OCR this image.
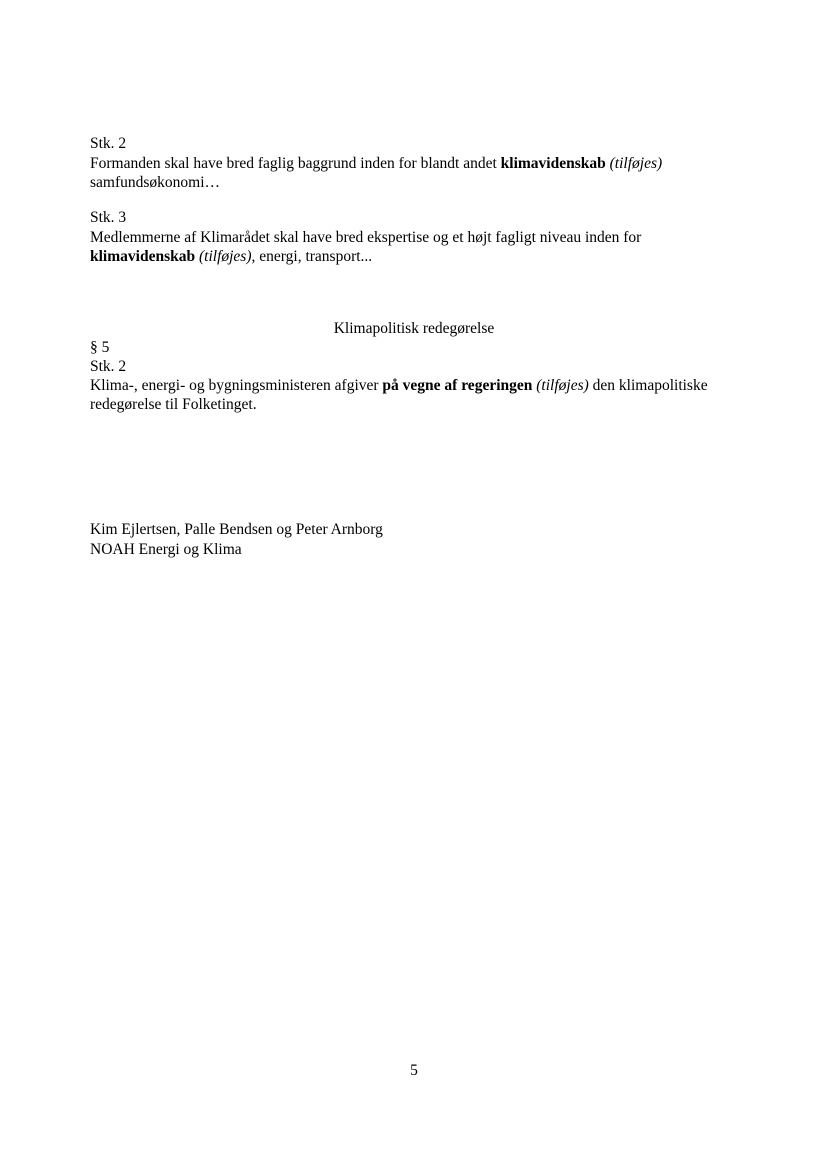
Stk. 2
Formanden skal have bred faglig baggrund inden for blandt andet klimavidenskab (tilføjes)
samfundsøkonomi…
Stk. 3
Medlemmerne af Klimarådet skal have bred ekspertise og et højt fagligt niveau inden for
klimavidenskab (tilføjes), energi, transport...
Klimapolitisk redegørelse
§ 5
Stk. 2
Klima-, energi- og bygningsministeren afgiver på vegne af regeringen (tilføjes) den klimapolitiske
redegørelse til Folketinget.
Kim Ejlertsen, Palle Bendsen og Peter Arnborg
NOAH Energi og Klima
5
